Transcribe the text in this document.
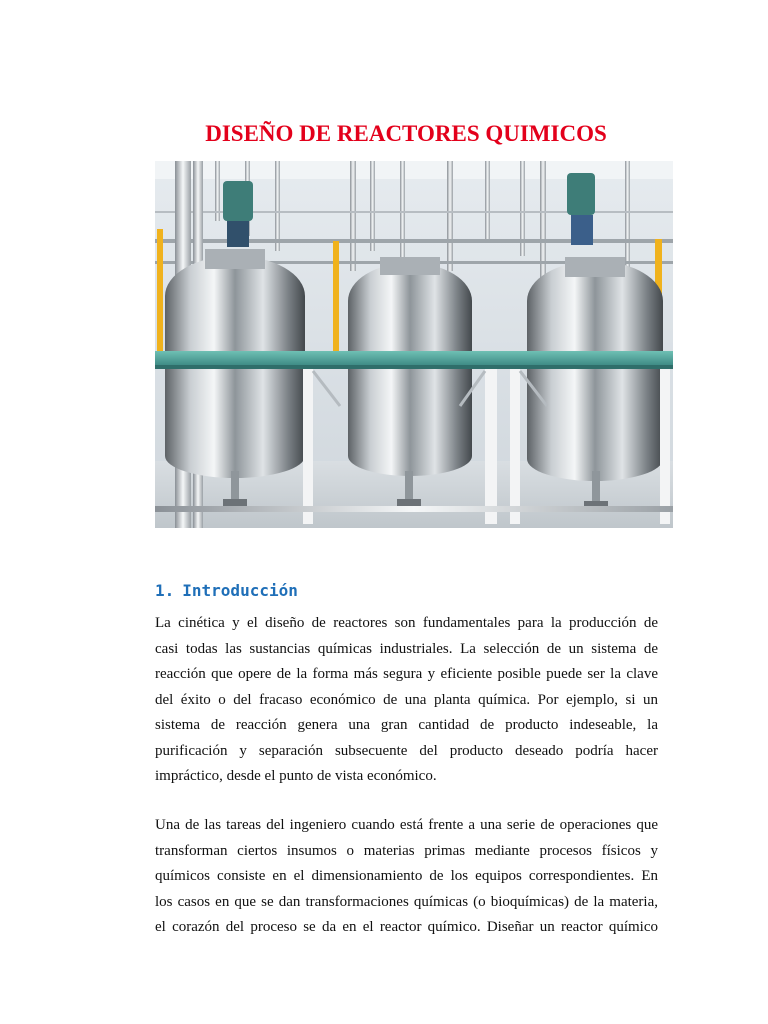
DISEÑO DE REACTORES QUIMICOS
1. Introducción
La cinética y el diseño de reactores son fundamentales para la producción de
casi todas las sustancias químicas industriales. La selección de un sistema de
reacción que opere de la forma más segura y eficiente posible puede ser la clave
del éxito o del fracaso económico de una planta química. Por ejemplo, si un
sistema de reacción genera una gran cantidad de producto indeseable, la
purificación y separación subsecuente del producto deseado podría hacer
impráctico, desde el punto de vista económico.
Una de las tareas del ingeniero cuando está frente a una serie de operaciones que
transforman ciertos insumos o materias primas mediante procesos físicos y
químicos consiste en el dimensionamiento de los equipos correspondientes. En
los casos en que se dan transformaciones químicas (o bioquímicas) de la materia,
el corazón del proceso se da en el reactor químico. Diseñar un reactor químico
